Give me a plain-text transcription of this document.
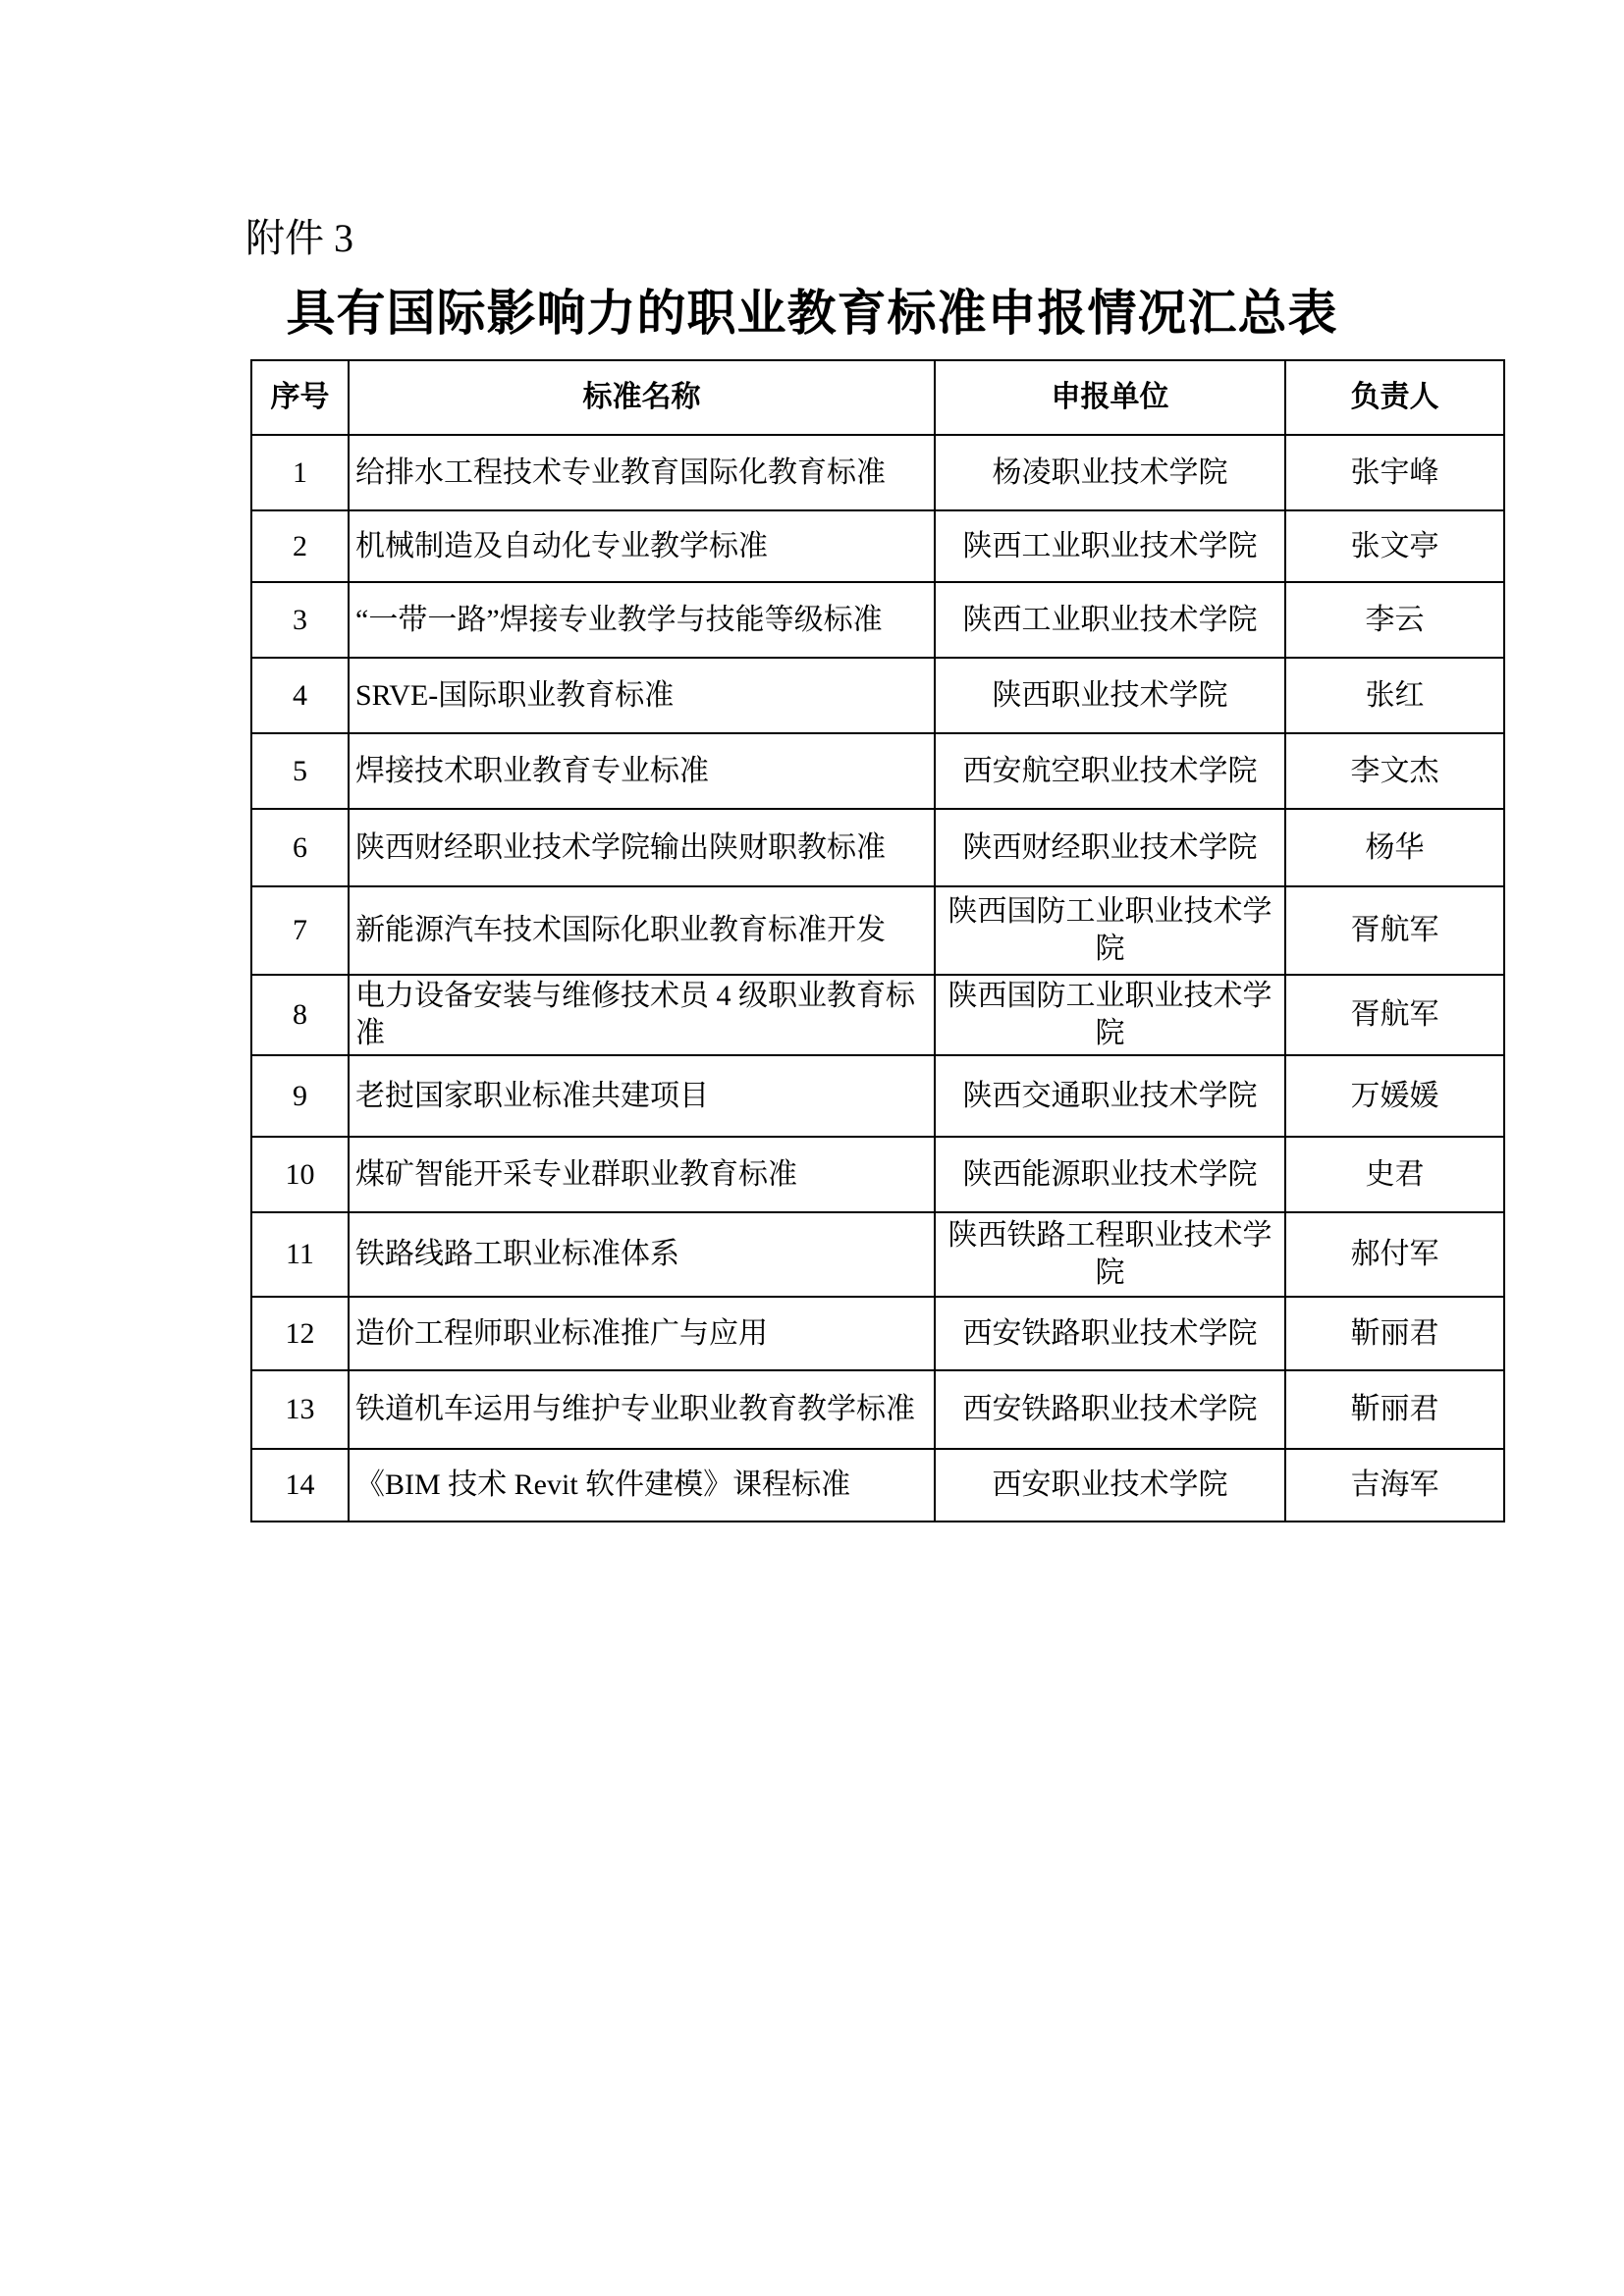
附件 3
具有国际影响力的职业教育标准申报情况汇总表
序号	标准名称	申报单位	负责人
1	给排水工程技术专业教育国际化教育标准	杨凌职业技术学院	张宇峰
2	机械制造及自动化专业教学标准	陕西工业职业技术学院	张文亭
3	“一带一路”焊接专业教学与技能等级标准	陕西工业职业技术学院	李云
4	SRVE-国际职业教育标准	陕西职业技术学院	张红
5	焊接技术职业教育专业标准	西安航空职业技术学院	李文杰
6	陕西财经职业技术学院输出陕财职教标准	陕西财经职业技术学院	杨华
7	新能源汽车技术国际化职业教育标准开发	陕西国防工业职业技术学院	胥航军
8	电力设备安装与维修技术员 4 级职业教育标准	陕西国防工业职业技术学院	胥航军
9	老挝国家职业标准共建项目	陕西交通职业技术学院	万媛媛
10	煤矿智能开采专业群职业教育标准	陕西能源职业技术学院	史君
11	铁路线路工职业标准体系	陕西铁路工程职业技术学院	郝付军
12	造价工程师职业标准推广与应用	西安铁路职业技术学院	靳丽君
13	铁道机车运用与维护专业职业教育教学标准	西安铁路职业技术学院	靳丽君
14	《BIM 技术 Revit 软件建模》课程标准	西安职业技术学院	吉海军
